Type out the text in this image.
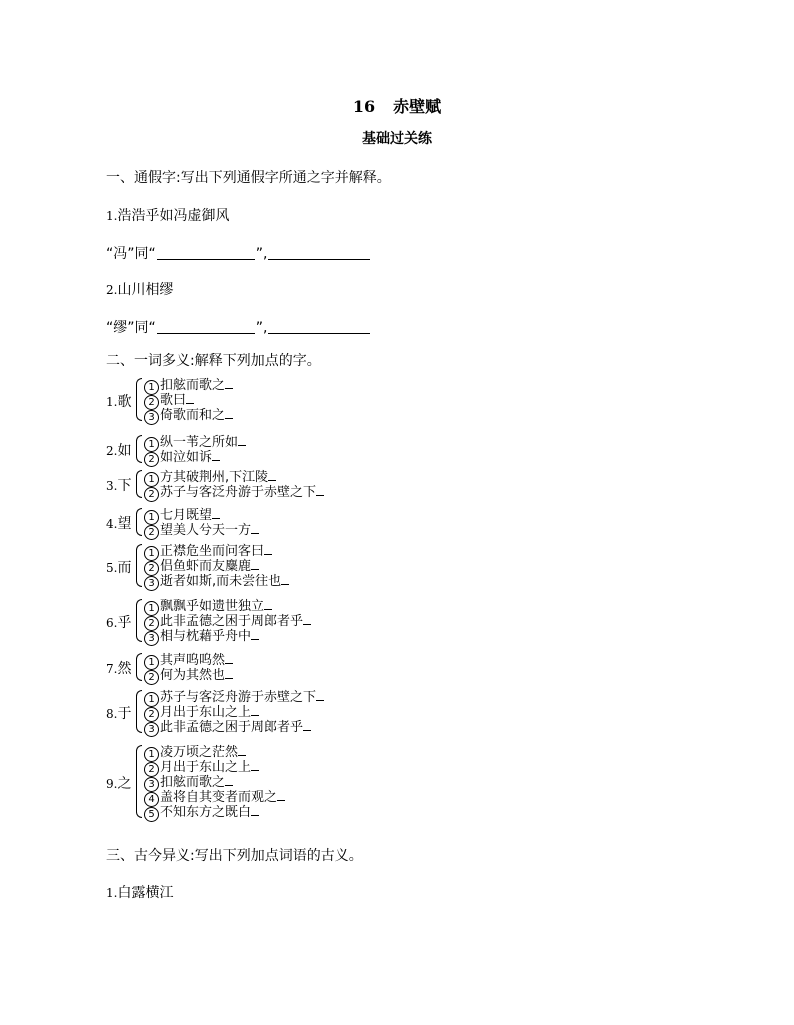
16 赤壁赋
基础过关练
一、通假字:写出下列通假字所通之字并解释。
1.浩浩乎如冯虚御风
“冯”同“	”,
2.山川相缪
“缪”同“	”,
二、一词多义:解释下列加点的字。
1.歌
1 扣舷而歌之
2 歌曰
3 倚歌而和之
2.如	1 纵一苇之所如
2 如泣如诉
3.下	1 方其破荆州,下江陵
2 苏子与客泛舟游于赤壁之下
4.望	1 七月既望
2 望美人兮天一方
5.而
1 正襟危坐而问客曰
2 侣鱼虾而友麋鹿
3 逝者如斯,而未尝往也
6.乎
1 飘飘乎如遗世独立
2 此非孟德之困于周郎者乎
3 相与枕藉乎舟中
7.然	1 其声呜呜然
2 何为其然也
8.于
1 苏子与客泛舟游于赤壁之下
2 月出于东山之上
3 此非孟德之困于周郎者乎
9.之
1 凌万顷之茫然
2 月出于东山之上
3 扣舷而歌之
4 盖将自其变者而观之
5 不知东方之既白
三、古今异义:写出下列加点词语的古义。
1.白露横江
